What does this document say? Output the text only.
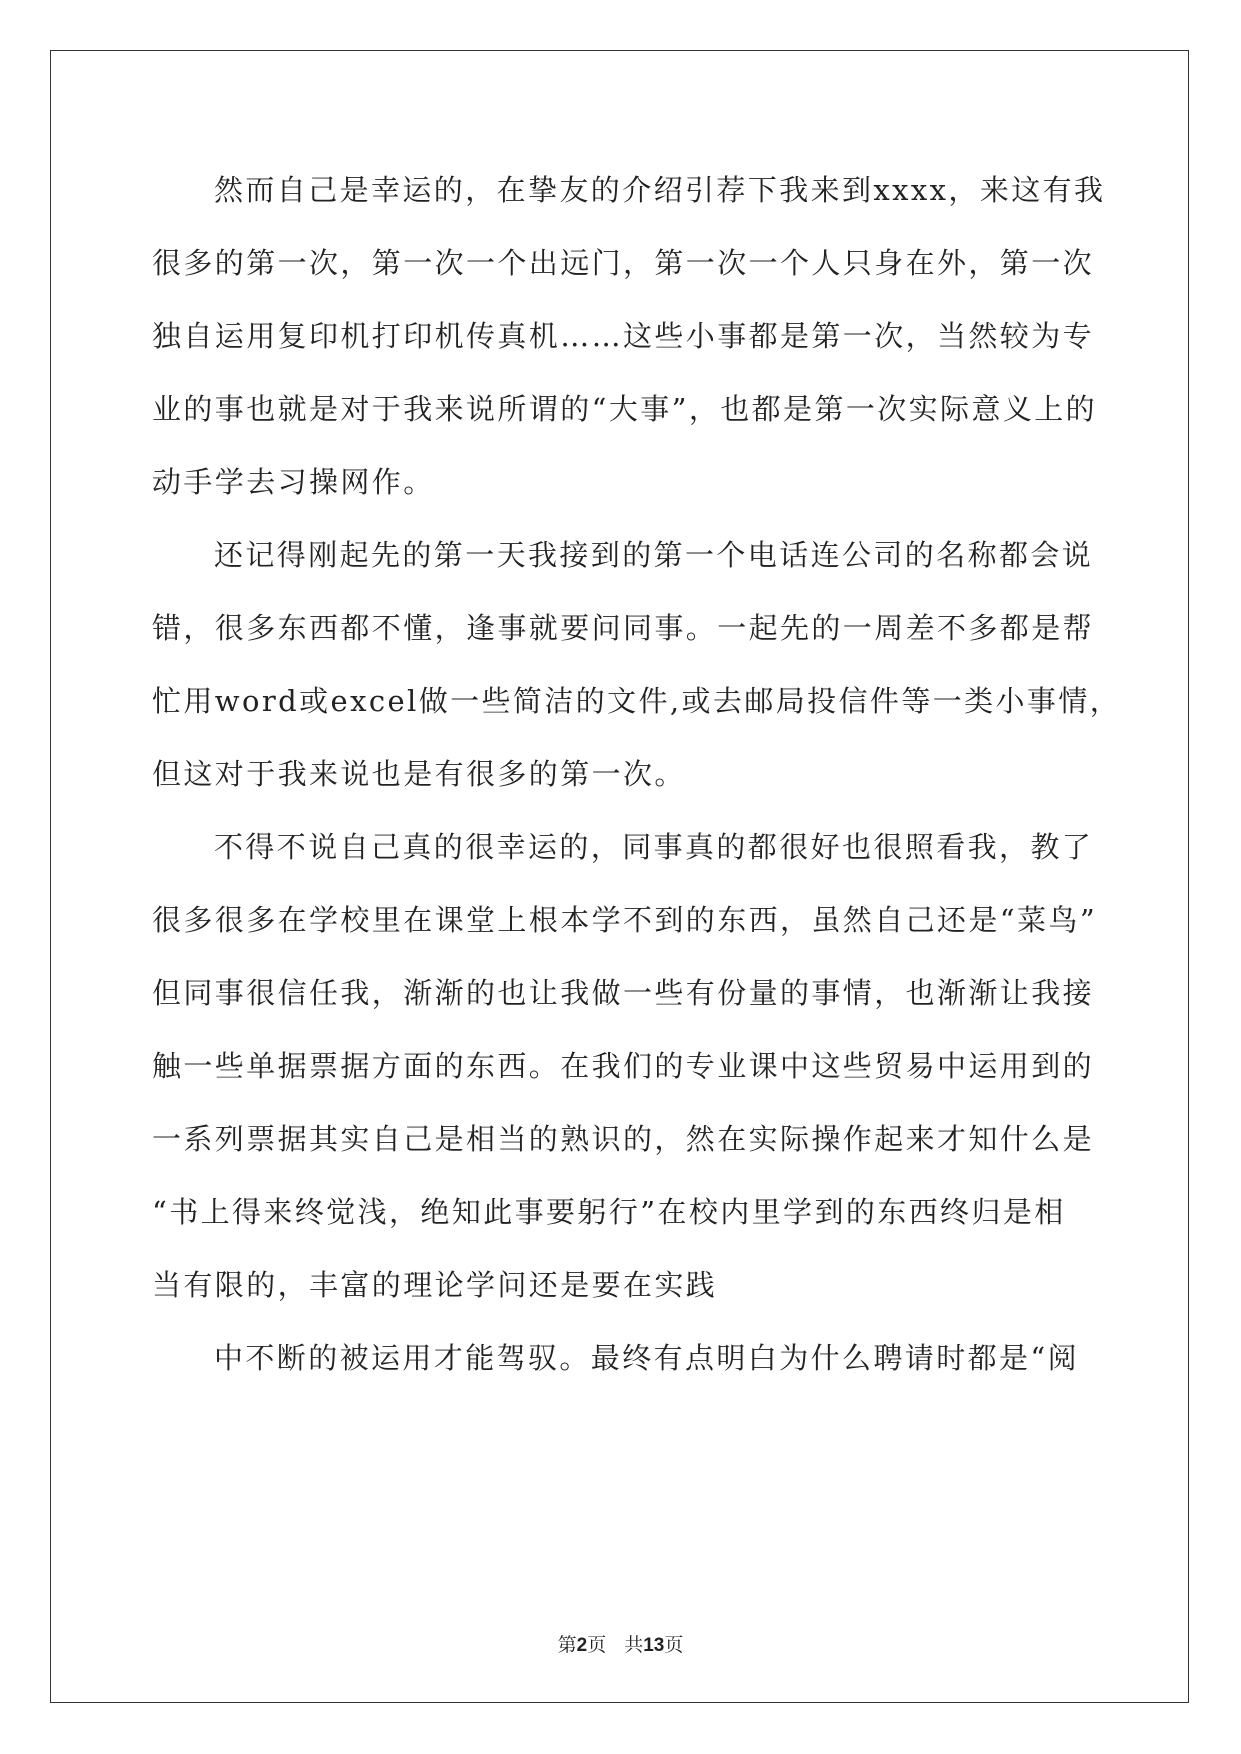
然而自己是幸运的，在挚友的介绍引荐下我来到xxxx，来这有我
很多的第一次，第一次一个出远门，第一次一个人只身在外，第一次
独自运用复印机打印机传真机……这些小事都是第一次，当然较为专
业的事也就是对于我来说所谓的“大事”，也都是第一次实际意义上的
动手学去习操网作。
还记得刚起先的第一天我接到的第一个电话连公司的名称都会说
错，很多东西都不懂，逢事就要问同事。一起先的一周差不多都是帮
忙用word或excel做一些简洁的文件,或去邮局投信件等一类小事情，
但这对于我来说也是有很多的第一次。
不得不说自己真的很幸运的，同事真的都很好也很照看我，教了
很多很多在学校里在课堂上根本学不到的东西，虽然自己还是“菜鸟”
但同事很信任我，渐渐的也让我做一些有份量的事情，也渐渐让我接
触一些单据票据方面的东西。在我们的专业课中这些贸易中运用到的
一系列票据其实自己是相当的熟识的，然在实际操作起来才知什么是
“书上得来终觉浅，绝知此事要躬行”在校内里学到的东西终归是相
当有限的，丰富的理论学问还是要在实践
中不断的被运用才能驾驭。最终有点明白为什么聘请时都是“阅
第2页 共13页
